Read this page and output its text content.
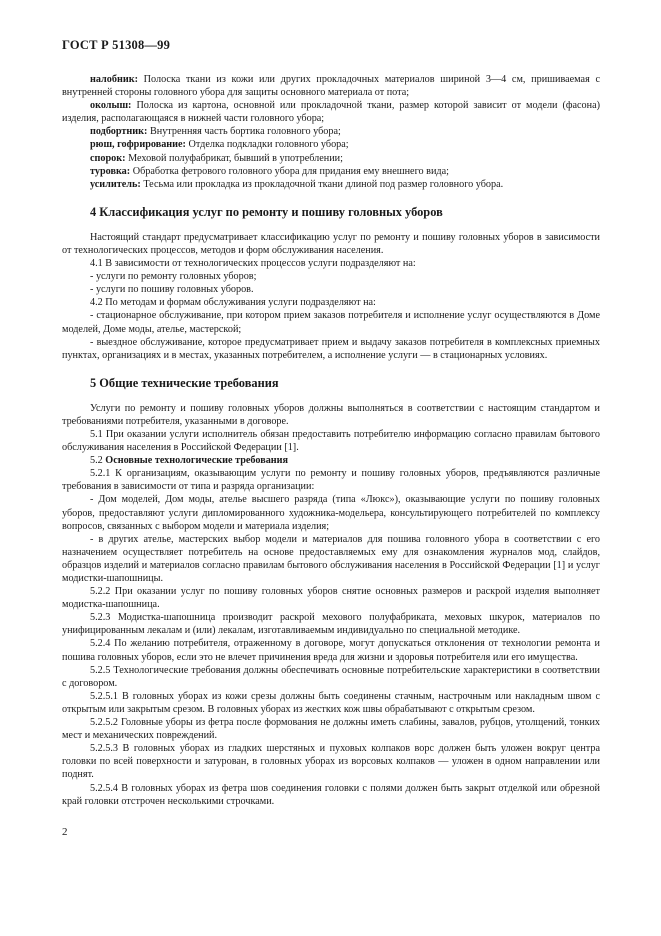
ГОСТ Р 51308—99

налобник: Полоска ткани из кожи или других прокладочных материалов шириной 3—4 см, пришиваемая с внутренней стороны головного убора для защиты основного материала от пота;

околыш: Полоска из картона, основной или прокладочной ткани, размер которой зависит от модели (фасона) изделия, располагающаяся в нижней части головного убора;

подбортник: Внутренняя часть бортика головного убора;

рюш, гофрирование: Отделка подкладки головного убора;

спорок: Меховой полуфабрикат, бывший в употреблении;

туровка: Обработка фетрового головного убора для придания ему внешнего вида;

усилитель: Тесьма или прокладка из прокладочной ткани длиной под размер головного убора.

4 Классификация услуг по ремонту и пошиву головных уборов

Настоящий стандарт предусматривает классификацию услуг по ремонту и пошиву головных уборов в зависимости от технологических процессов, методов и форм обслуживания населения.

4.1 В зависимости от технологических процессов услуги подразделяют на:

- услуги по ремонту головных уборов;

- услуги по пошиву головных уборов.

4.2 По методам и формам обслуживания услуги подразделяют на:

- стационарное обслуживание, при котором прием заказов потребителя и исполнение услуг осуществляются в Доме моделей, Доме моды, ателье, мастерской;

- выездное обслуживание, которое предусматривает прием и выдачу заказов потребителя в комплексных приемных пунктах, организациях и в местах, указанных потребителем, а исполнение услуги — в стационарных условиях.

5 Общие технические требования

Услуги по ремонту и пошиву головных уборов должны выполняться в соответствии с настоящим стандартом и требованиями потребителя, указанными в договоре.

5.1 При оказании услуги исполнитель обязан предоставить потребителю информацию согласно правилам бытового обслуживания населения в Российской Федерации [1].

5.2 Основные технологические требования

5.2.1 К организациям, оказывающим услуги по ремонту и пошиву головных уборов, предъявляются различные требования в зависимости от типа и разряда организации:

- Дом моделей, Дом моды, ателье высшего разряда (типа «Люкс»), оказывающие услуги по пошиву головных уборов, предоставляют услуги дипломированного художника-модельера, консультирующего потребителей по комплексу вопросов, связанных с выбором модели и материала изделия;

- в других ателье, мастерских выбор модели и материалов для пошива головного убора в соответствии с его назначением осуществляет потребитель на основе предоставляемых ему для ознакомления журналов мод, слайдов, образцов изделий и материалов согласно правилам бытового обслуживания населения в Российской Федерации [1] и услуг модистки-шапошницы.

5.2.2 При оказании услуг по пошиву головных уборов снятие основных размеров и раскрой изделия выполняет модистка-шапошница.

5.2.3 Модистка-шапошница производит раскрой мехового полуфабриката, меховых шкурок, материалов по унифицированным лекалам и (или) лекалам, изготавливаемым индивидуально по специальной методике.

5.2.4 По желанию потребителя, отраженному в договоре, могут допускаться отклонения от технологии ремонта и пошива головных уборов, если это не влечет причинения вреда для жизни и здоровья потребителя или его имущества.

5.2.5 Технологические требования должны обеспечивать основные потребительские характеристики в соответствии с договором.

5.2.5.1 В головных уборах из кожи срезы должны быть соединены стачным, настрочным или накладным швом с открытым или закрытым срезом. В головных уборах из жестких кож швы обрабатывают с открытым срезом.

5.2.5.2 Головные уборы из фетра после формования не должны иметь слабины, завалов, рубцов, утолщений, тонких мест и механических повреждений.

5.2.5.3 В головных уборах из гладких шерстяных и пуховых колпаков ворс должен быть уложен вокруг центра головки по всей поверхности и затурован, в головных уборах из ворсовых колпаков — уложен в одном направлении или поднят.

5.2.5.4 В головных уборах из фетра шов соединения головки с полями должен быть закрыт отделкой или обрезной край головки отстрочен несколькими строчками.

2
